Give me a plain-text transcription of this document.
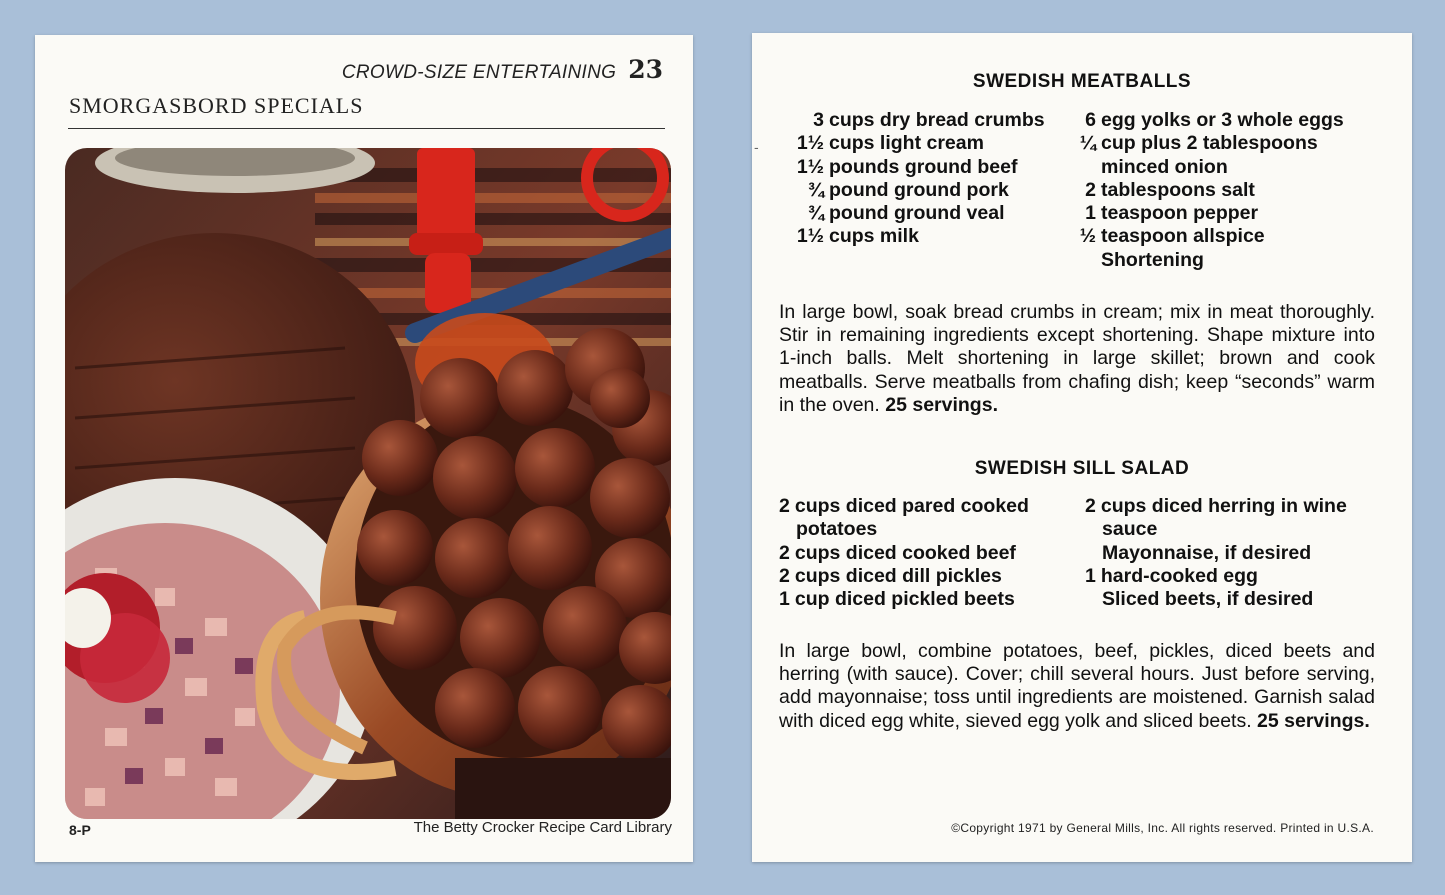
CROWD-SIZE ENTERTAINING 23
SMORGASBORD SPECIALS
8-P	The Betty Crocker Recipe Card Library
-
SWEDISH MEATBALLS
3 cups dry bread crumbs
1½ cups light cream
1½ pounds ground beef
¾ pound ground pork
¾ pound ground veal
1½ cups milk
6 egg yolks or 3 whole eggs
¼ cup plus 2 tablespoons
minced onion
2 tablespoons salt
1 teaspoon pepper
½ teaspoon allspice
Shortening

In large bowl, soak bread crumbs in cream; mix in meat thoroughly. Stir in remaining ingredients except shortening. Shape mixture into 1-inch balls. Melt shortening in large skillet; brown and cook meatballs. Serve meatballs from chafing dish; keep “seconds” warm in the oven. 25 servings.

SWEDISH SILL SALAD
2 cups diced pared cooked
potatoes
2 cups diced cooked beef
2 cups diced dill pickles
1 cup diced pickled beets
2 cups diced herring in wine
sauce
Mayonnaise, if desired
1 hard-cooked egg
Sliced beets, if desired

In large bowl, combine potatoes, beef, pickles, diced beets and herring (with sauce). Cover; chill several hours. Just before serving, add mayonnaise; toss until ingredients are moistened. Garnish salad with diced egg white, sieved egg yolk and sliced beets. 25 servings.

©Copyright 1971 by General Mills, Inc. All rights reserved. Printed in U.S.A.
